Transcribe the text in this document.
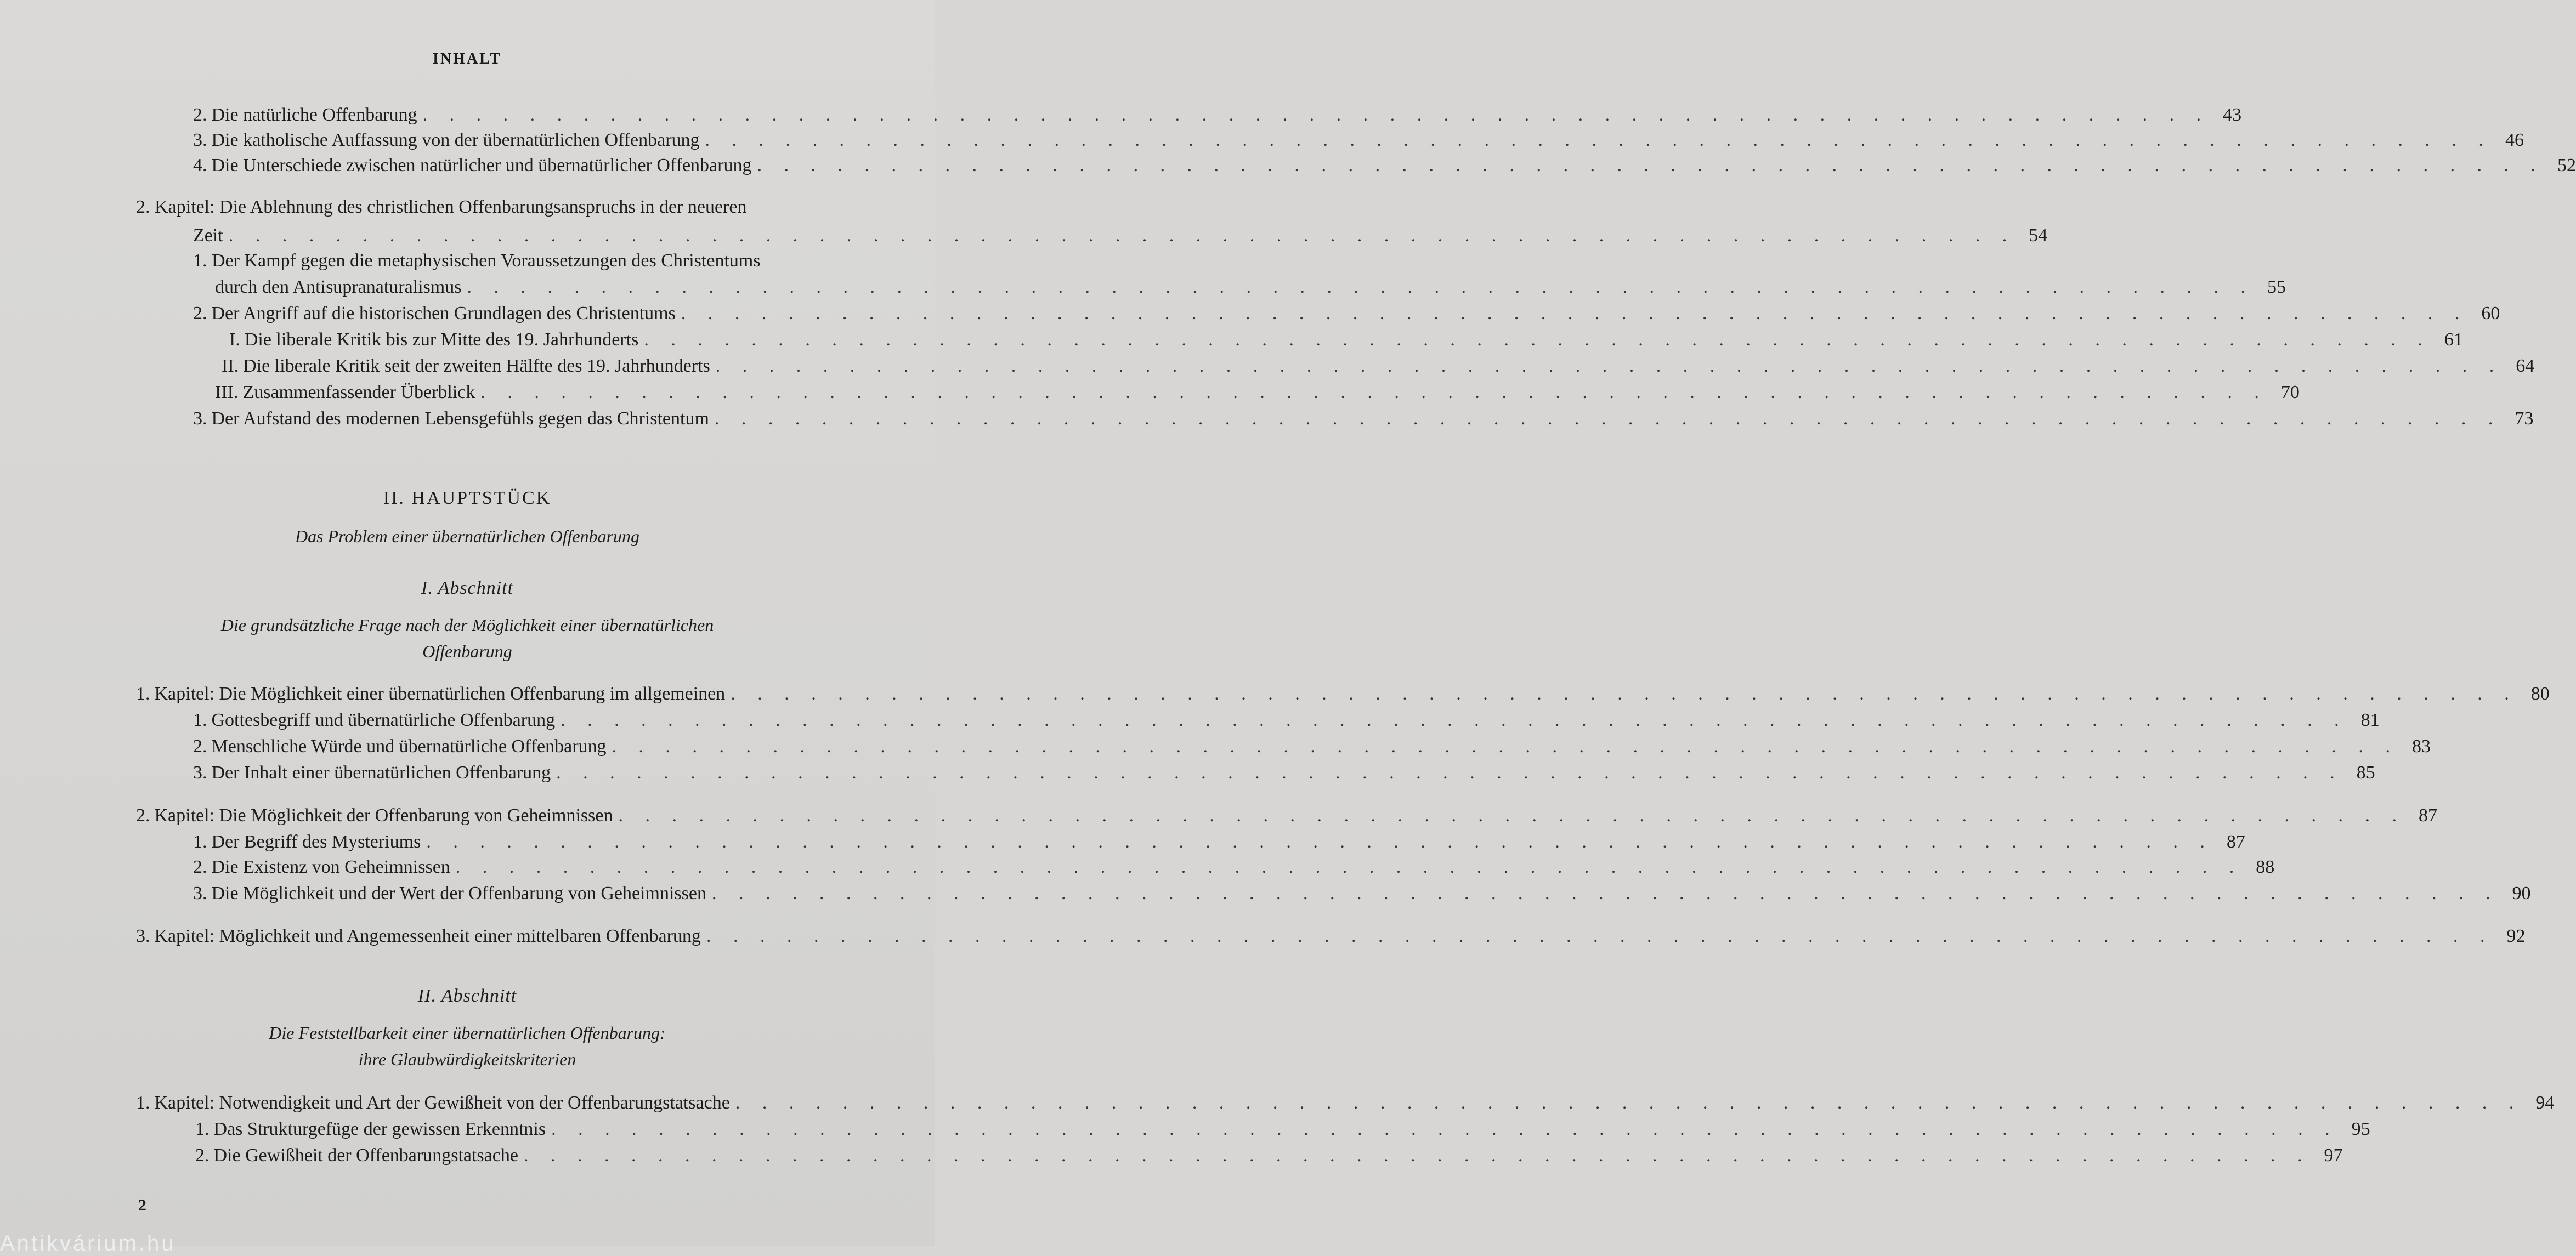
INHALT
2. Die natürliche Offenbarung . . . . . . . . . . . . . . . . . . . . . . . . . . . . . . . . . . . . . . . . . . . . . . . . . . . . . . . . . . . . . . . . . . . 43
3. Die katholische Auffassung von der übernatürlichen Offenbarung . . . . . . . . . . . . . . . . . . . . . . . . . . . . . . . . . . . . . . . . . . . . . . . . . . . . . . . . . . . . . . . . . . . 46
4. Die Unterschiede zwischen natürlicher und übernatürlicher Offenbarung . . . . . . . . . . . . . . . . . . . . . . . . . . . . . . . . . . . . . . . . . . . . . . . . . . . . . . . . . . . . . . . . . . . 52
2. Kapitel: Die Ablehnung des christlichen Offenbarungsanspruchs in der neueren
Zeit . . . . . . . . . . . . . . . . . . . . . . . . . . . . . . . . . . . . . . . . . . . . . . . . . . . . . . . . . . . . . . . . . . . 54
1. Der Kampf gegen die metaphysischen Voraussetzungen des Christentums
durch den Antisupranaturalismus . . . . . . . . . . . . . . . . . . . . . . . . . . . . . . . . . . . . . . . . . . . . . . . . . . . . . . . . . . . . . . . . . . . 55
2. Der Angriff auf die historischen Grundlagen des Christentums . . . . . . . . . . . . . . . . . . . . . . . . . . . . . . . . . . . . . . . . . . . . . . . . . . . . . . . . . . . . . . . . . . . 60
I. Die liberale Kritik bis zur Mitte des 19. Jahrhunderts . . . . . . . . . . . . . . . . . . . . . . . . . . . . . . . . . . . . . . . . . . . . . . . . . . . . . . . . . . . . . . . . . . . 61
II. Die liberale Kritik seit der zweiten Hälfte des 19. Jahrhunderts . . . . . . . . . . . . . . . . . . . . . . . . . . . . . . . . . . . . . . . . . . . . . . . . . . . . . . . . . . . . . . . . . . . 64
III. Zusammenfassender Überblick . . . . . . . . . . . . . . . . . . . . . . . . . . . . . . . . . . . . . . . . . . . . . . . . . . . . . . . . . . . . . . . . . . . 70
3. Der Aufstand des modernen Lebensgefühls gegen das Christentum . . . . . . . . . . . . . . . . . . . . . . . . . . . . . . . . . . . . . . . . . . . . . . . . . . . . . . . . . . . . . . . . . . . 73
II. HAUPTSTÜCK
Das Problem einer übernatürlichen Offenbarung
I. Abschnitt
Die grundsätzliche Frage nach der Möglichkeit einer übernatürlichen
Offenbarung
1. Kapitel: Die Möglichkeit einer übernatürlichen Offenbarung im allgemeinen . . . . . . . . . . . . . . . . . . . . . . . . . . . . . . . . . . . . . . . . . . . . . . . . . . . . . . . . . . . . . . . . . . . 80
1. Gottesbegriff und übernatürliche Offenbarung . . . . . . . . . . . . . . . . . . . . . . . . . . . . . . . . . . . . . . . . . . . . . . . . . . . . . . . . . . . . . . . . . . . 81
2. Menschliche Würde und übernatürliche Offenbarung . . . . . . . . . . . . . . . . . . . . . . . . . . . . . . . . . . . . . . . . . . . . . . . . . . . . . . . . . . . . . . . . . . . 83
3. Der Inhalt einer übernatürlichen Offenbarung . . . . . . . . . . . . . . . . . . . . . . . . . . . . . . . . . . . . . . . . . . . . . . . . . . . . . . . . . . . . . . . . . . . 85
2. Kapitel: Die Möglichkeit der Offenbarung von Geheimnissen . . . . . . . . . . . . . . . . . . . . . . . . . . . . . . . . . . . . . . . . . . . . . . . . . . . . . . . . . . . . . . . . . . . 87
1. Der Begriff des Mysteriums . . . . . . . . . . . . . . . . . . . . . . . . . . . . . . . . . . . . . . . . . . . . . . . . . . . . . . . . . . . . . . . . . . . 87
2. Die Existenz von Geheimnissen . . . . . . . . . . . . . . . . . . . . . . . . . . . . . . . . . . . . . . . . . . . . . . . . . . . . . . . . . . . . . . . . . . . 88
3. Die Möglichkeit und der Wert der Offenbarung von Geheimnissen . . . . . . . . . . . . . . . . . . . . . . . . . . . . . . . . . . . . . . . . . . . . . . . . . . . . . . . . . . . . . . . . . . . 90
3. Kapitel: Möglichkeit und Angemessenheit einer mittelbaren Offenbarung . . . . . . . . . . . . . . . . . . . . . . . . . . . . . . . . . . . . . . . . . . . . . . . . . . . . . . . . . . . . . . . . . . . 92
II. Abschnitt
Die Feststellbarkeit einer übernatürlichen Offenbarung:
ihre Glaubwürdigkeitskriterien
1. Kapitel: Notwendigkeit und Art der Gewißheit von der Offenbarungstatsache . . . . . . . . . . . . . . . . . . . . . . . . . . . . . . . . . . . . . . . . . . . . . . . . . . . . . . . . . . . . . . . . . . . 94
1. Das Strukturgefüge der gewissen Erkenntnis . . . . . . . . . . . . . . . . . . . . . . . . . . . . . . . . . . . . . . . . . . . . . . . . . . . . . . . . . . . . . . . . . . . 95
2. Die Gewißheit der Offenbarungstatsache . . . . . . . . . . . . . . . . . . . . . . . . . . . . . . . . . . . . . . . . . . . . . . . . . . . . . . . . . . . . . . . . . . . 97
2
Antikvárium.hu
